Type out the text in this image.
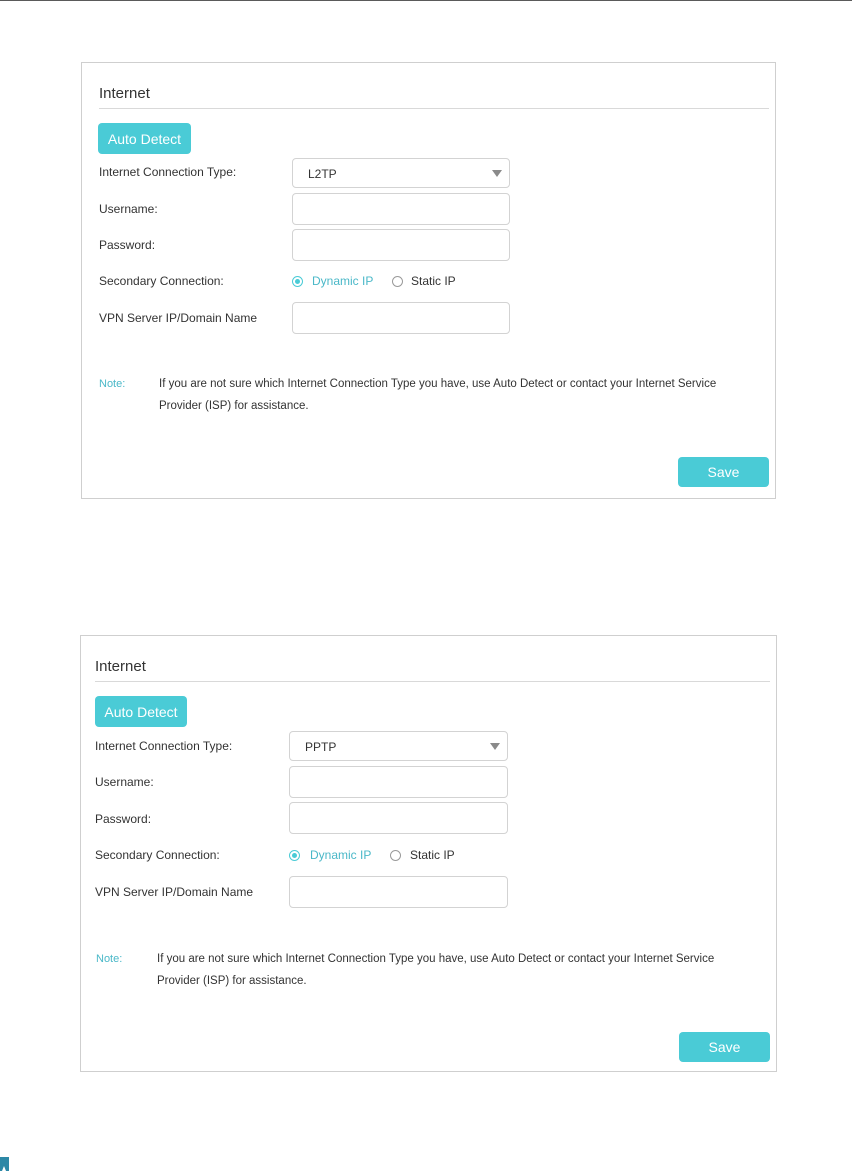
Internet
Auto Detect
Internet Connection Type:	L2TP
Username:
Password:
Secondary Connection:	Dynamic IP	Static IP
VPN Server IP/Domain Name
Note:	If you are not sure which Internet Connection Type you have, use Auto Detect or contact your Internet Service
Provider (ISP) for assistance.
Save
Internet
Auto Detect
Internet Connection Type:	PPTP
Username:
Password:
Secondary Connection:	Dynamic IP	Static IP
VPN Server IP/Domain Name
Note:	If you are not sure which Internet Connection Type you have, use Auto Detect or contact your Internet Service
Provider (ISP) for assistance.
Save
